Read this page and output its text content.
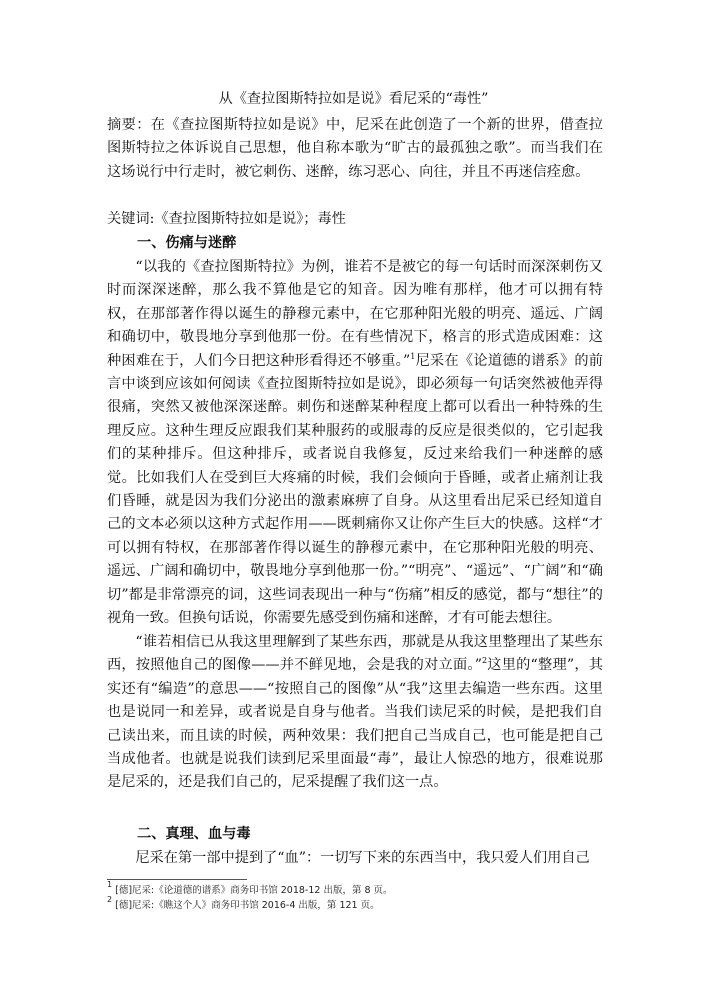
从《查拉图斯特拉如是说》看尼采的“毒性”
摘要：在《查拉图斯特拉如是说》中，尼采在此创造了一个新的世界，借查拉图斯特拉之体诉说自己思想，他自称本歌为“旷古的最孤独之歌”。而当我们在这场说行中行走时，被它刺伤、迷醉，练习恶心、向往，并且不再迷信痊愈。
关键词:《查拉图斯特拉如是说》；毒性
一、伤痛与迷醉
“以我的《查拉图斯特拉》为例，谁若不是被它的每一句话时而深深刺伤又时而深深迷醉，那么我不算他是它的知音。因为唯有那样，他才可以拥有特权，在那部著作得以诞生的静穆元素中，在它那种阳光般的明亮、遥远、广阔和确切中，敬畏地分享到他那一份。在有些情况下，格言的形式造成困难：这种困难在于，人们今日把这种形看得还不够重。”$^1$尼采在《论道德的谱系》的前言中谈到应该如何阅读《查拉图斯特拉如是说》，即必须每一句话突然被他弄得很痛，突然又被他深深迷醉。刺伤和迷醉某种程度上都可以看出一种特殊的生理反应。这种生理反应跟我们某种服药的或服毒的反应是很类似的，它引起我们的某种排斥。但这种排斥，或者说自我修复，反过来给我们一种迷醉的感觉。比如我们人在受到巨大疼痛的时候，我们会倾向于昏睡，或者止痛剂让我们昏睡，就是因为我们分泌出的激素麻痹了自身。从这里看出尼采已经知道自己的文本必须以这种方式起作用——既刺痛你又让你产生巨大的快感。这样“才可以拥有特权，在那部著作得以诞生的静穆元素中，在它那种阳光般的明亮、遥远、广阔和确切中，敬畏地分享到他那一份。”“明亮”、“遥远”、“广阔”和“确切”都是非常漂亮的词，这些词表现出一种与“伤痛”相反的感觉，都与“想往”的视角一致。但换句话说，你需要先感受到伤痛和迷醉，才有可能去想往。
“谁若相信已从我这里理解到了某些东西，那就是从我这里整理出了某些东西，按照他自己的图像——并不鲜见地，会是我的对立面。”$^2$这里的“整理”，其实还有“编造”的意思——“按照自己的图像”从“我”这里去编造一些东西。这里也是说同一和差异，或者说是自身与他者。当我们读尼采的时候，是把我们自己读出来，而且读的时候，两种效果：我们把自己当成自己，也可能是把自己当成他者。也就是说我们读到尼采里面最“毒”，最让人惊恐的地方，很难说那是尼采的，还是我们自己的，尼采提醒了我们这一点。
二、真理、血与毒
尼采在第一部中提到了“血”：一切写下来的东西当中，我只爱人们用自己
$^1$ [德]尼采:《论道德的谱系》商务印书馆 2018-12 出版，第 8 页。
$^2$ [德]尼采:《瞧这个人》商务印书馆 2016-4 出版，第 121 页。
